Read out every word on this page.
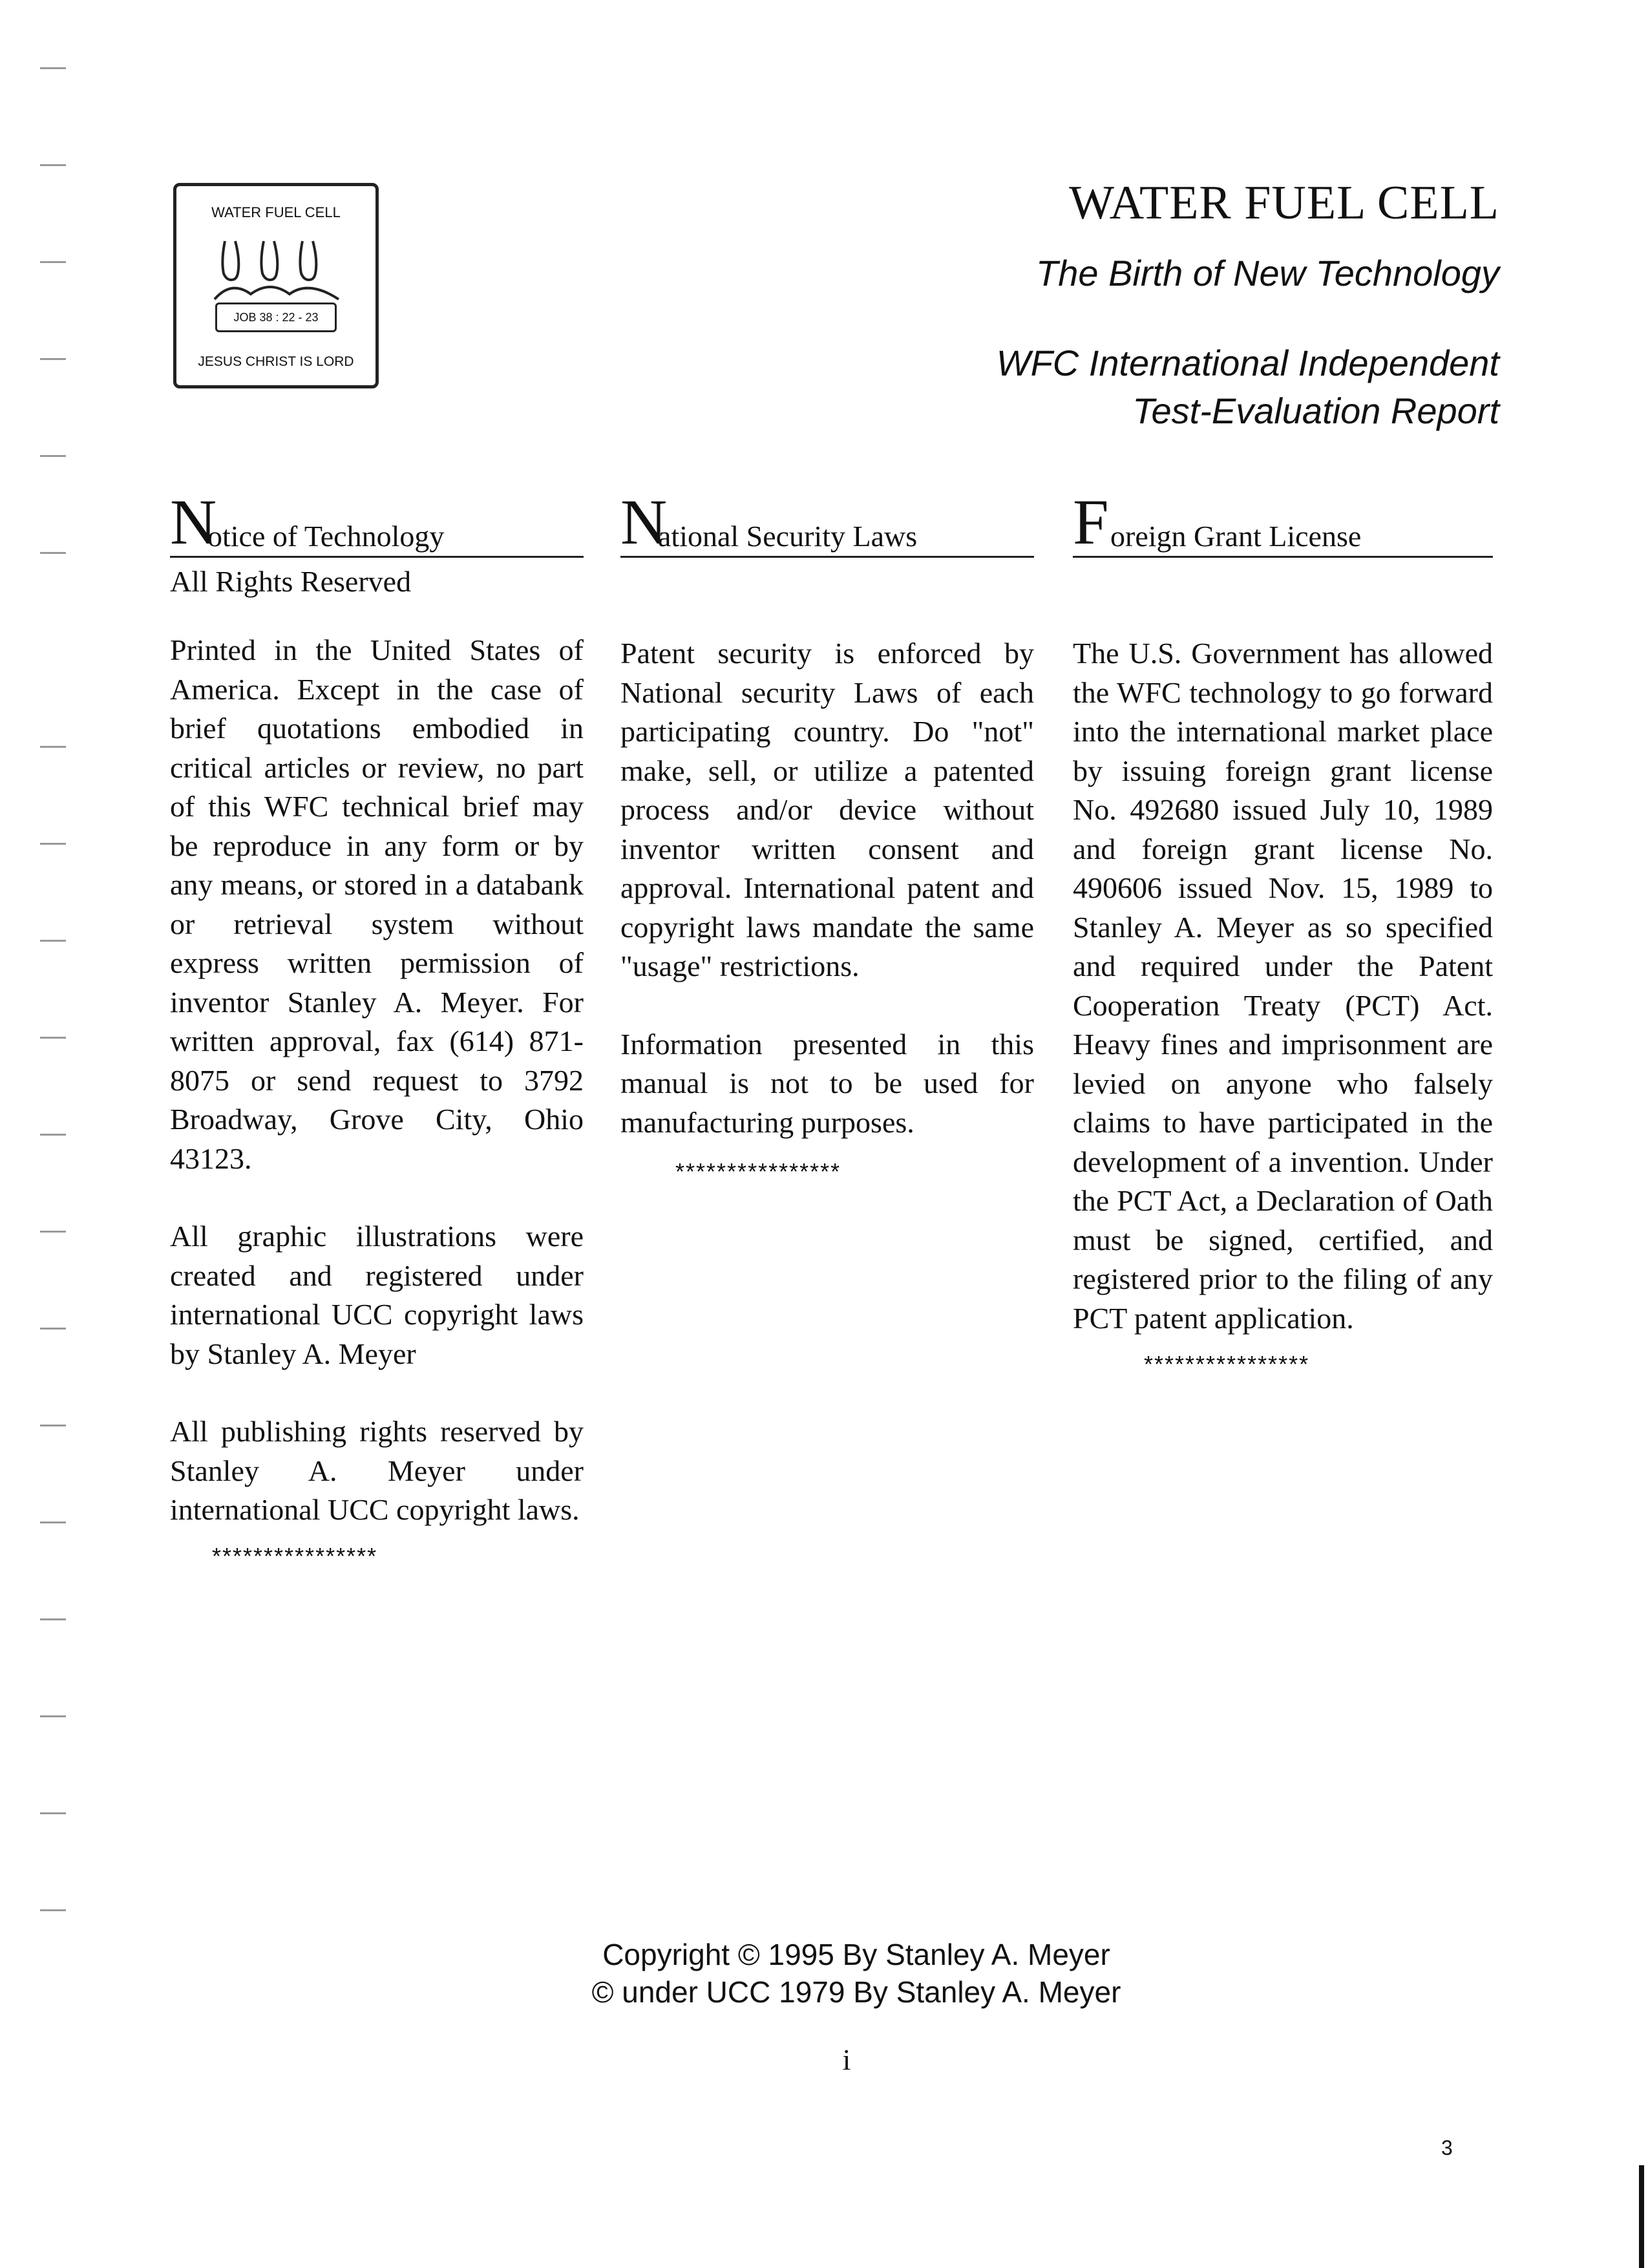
WATER FUEL CELL
JOB 38 : 22 - 23
JESUS CHRIST IS LORD
WATER FUEL CELL
The Birth of New Technology
WFC International Independent
Test-Evaluation Report
N
otice of Technology
All Rights Reserved

Printed in the United States of America. Except in the case of brief quotations embodied in critical articles or review, no part of this WFC technical brief may be reproduce in any form or by any means, or stored in a databank or retrieval system without express written permission of inventor Stanley A. Meyer. For written approval, fax (614) 871-8075 or send request to 3792 Broadway, Grove City, Ohio 43123.

All graphic illustrations were created and registered under international UCC copyright laws by Stanley A. Meyer

All publishing rights reserved by Stanley A. Meyer under international UCC copyright laws.

****************
N
ational Security Laws

Patent security is enforced by National security Laws of each participating country. Do "not" make, sell, or utilize a patented process and/or device without inventor written consent and approval. International patent and copyright laws mandate the same "usage" restrictions.

Information presented in this manual is not to be used for manufacturing purposes.

****************
F oreign Grant License

The U.S. Government has allowed the WFC technology to go forward into the international market place by issuing foreign grant license No. 492680 issued July 10, 1989 and foreign grant license No. 490606 issued Nov. 15, 1989 to Stanley A. Meyer as so specified and required under the Patent Cooperation Treaty (PCT) Act. Heavy fines and imprisonment are levied on anyone who falsely claims to have participated in the development of a invention. Under the PCT Act, a Declaration of Oath must be signed, certified, and registered prior to the filing of any PCT patent application.

****************
Copyright © 1995 By Stanley A. Meyer
© under UCC 1979 By Stanley A. Meyer
i
3
